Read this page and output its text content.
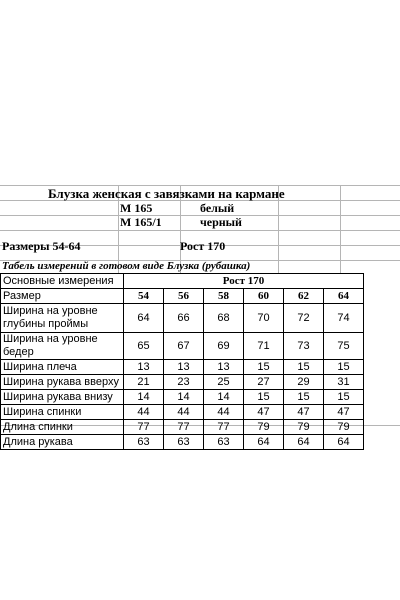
Блузка женская с завязками на кармане
М 165	белый
М 165/1	черный
Размеры 54-64	Рост 170
Табель измерений в готовом виде Блузка (рубашка)
Основные измерения	Рост 170					
Размер	54	56	58	60	62	64
Ширина на уровне глубины проймы	64	66	68	70	72	74
Ширина на уровне бедер	65	67	69	71	73	75
Ширина плеча	13	13	13	15	15	15
Ширина рукава вверху	21	23	25	27	29	31
Ширина рукава внизу	14	14	14	15	15	15
Ширина спинки	44	44	44	47	47	47
Длина спинки	77	77	77	79	79	79
Длина рукава	63	63	63	64	64	64
